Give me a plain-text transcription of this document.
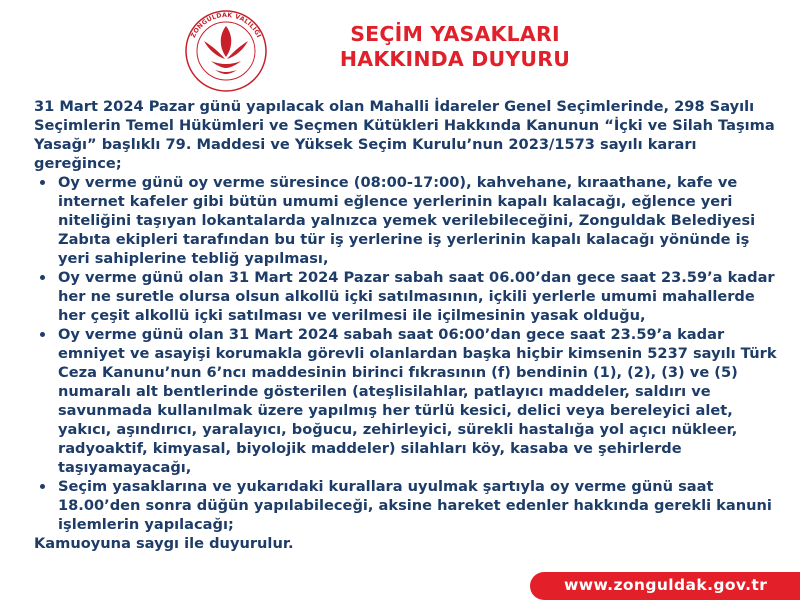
ZONGULDAK VALİLİĞİ	SEÇİM YASAKLARI
HAKKINDA DUYURU

31 Mart 2024 Pazar günü yapılacak olan Mahalli İdareler Genel Seçimlerinde, 298 Sayılı Seçimlerin Temel Hükümleri ve Seçmen Kütükleri Hakkında Kanunun “İçki ve Silah Taşıma Yasağı” başlıklı 79. Maddesi ve Yüksek Seçim Kurulu’nun 2023/1573 sayılı kararı gereğince;

Oy verme günü oy verme süresince (08:00-17:00), kahvehane, kıraathane, kafe ve internet kafeler gibi bütün umumi eğlence yerlerinin kapalı kalacağı, eğlence yeri niteliğini taşıyan lokantalarda yalnızca yemek verilebileceğini, Zonguldak Belediyesi Zabıta ekipleri tarafından bu tür iş yerlerine iş yerlerinin kapalı kalacağı yönünde iş yeri sahiplerine tebliğ yapılması,
Oy verme günü olan 31 Mart 2024 Pazar sabah saat 06.00’dan gece saat 23.59’a kadar her ne suretle olursa olsun alkollü içki satılmasının, içkili yerlerle umumi mahallerde her çeşit alkollü içki satılması ve verilmesi ile içilmesinin yasak olduğu,
Oy verme günü olan 31 Mart 2024 sabah saat 06:00’dan gece saat 23.59’a kadar emniyet ve asayişi korumakla görevli olanlardan başka hiçbir kimsenin 5237 sayılı Türk Ceza Kanunu’nun 6’ncı maddesinin birinci fıkrasının (f) bendinin (1), (2), (3) ve (5) numaralı alt bentlerinde gösterilen (ateşlisilahlar, patlayıcı maddeler, saldırı ve savunmada kullanılmak üzere yapılmış her türlü kesici, delici veya bereleyici alet, yakıcı, aşındırıcı, yaralayıcı, boğucu, zehirleyici, sürekli hastalığa yol açıcı nükleer, radyoaktif, kimyasal, biyolojik maddeler) silahları köy, kasaba ve şehirlerde taşıyamayacağı,
Seçim yasaklarına ve yukarıdaki kurallara uyulmak şartıyla oy verme günü saat 18.00’den sonra düğün yapılabileceği, aksine hareket edenler hakkında gerekli kanuni işlemlerin yapılacağı;

Kamuoyuna saygı ile duyurulur.

www.zonguldak.gov.tr
